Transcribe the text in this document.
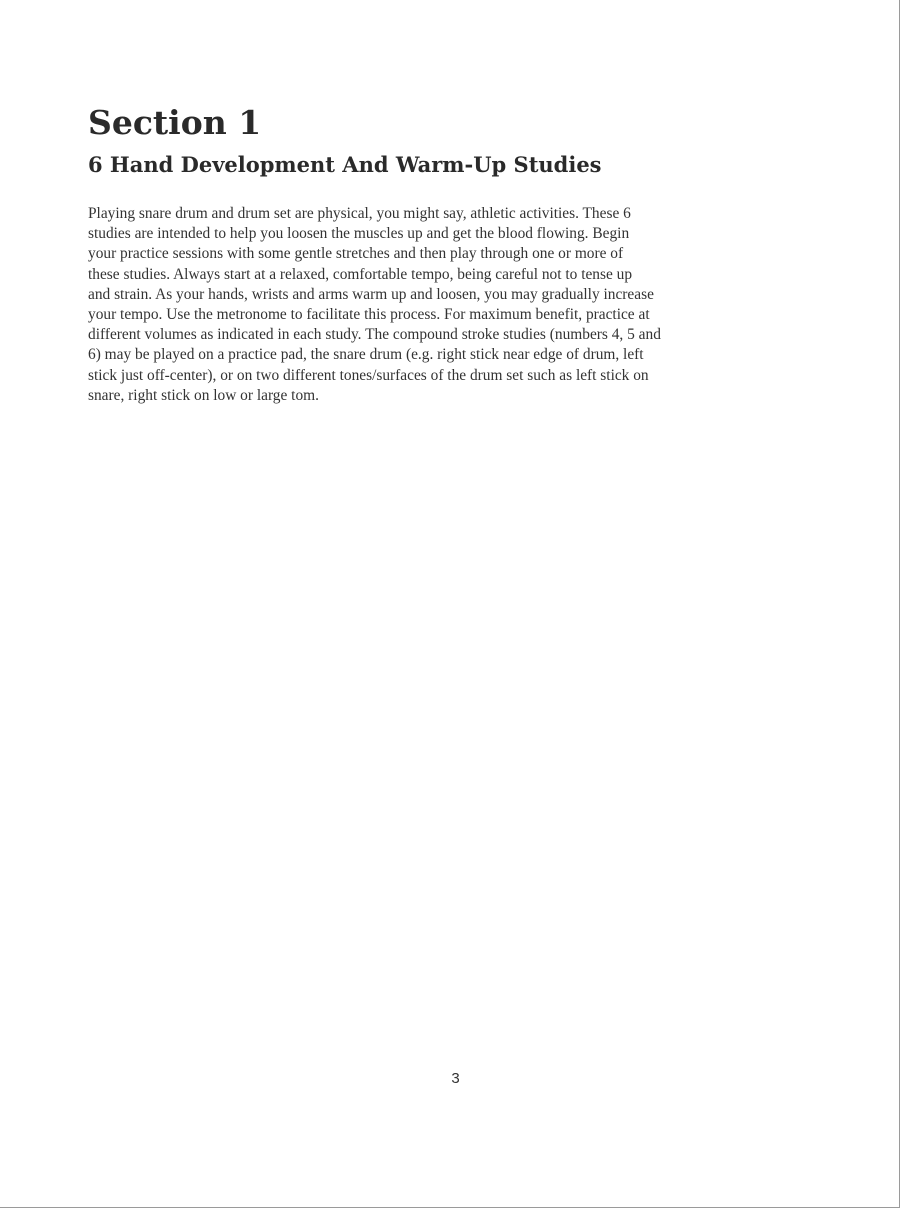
Section 1
6 Hand Development And Warm-Up Studies

Playing snare drum and drum set are physical, you might say, athletic activities. These 6
studies are intended to help you loosen the muscles up and get the blood flowing. Begin
your practice sessions with some gentle stretches and then play through one or more of
these studies. Always start at a relaxed, comfortable tempo, being careful not to tense up
and strain. As your hands, wrists and arms warm up and loosen, you may gradually increase
your tempo. Use the metronome to facilitate this process. For maximum benefit, practice at
different volumes as indicated in each study. The compound stroke studies (numbers 4, 5 and
6) may be played on a practice pad, the snare drum (e.g. right stick near edge of drum, left
stick just off-center), or on two different tones/surfaces of the drum set such as left stick on
snare, right stick on low or large tom.

3
